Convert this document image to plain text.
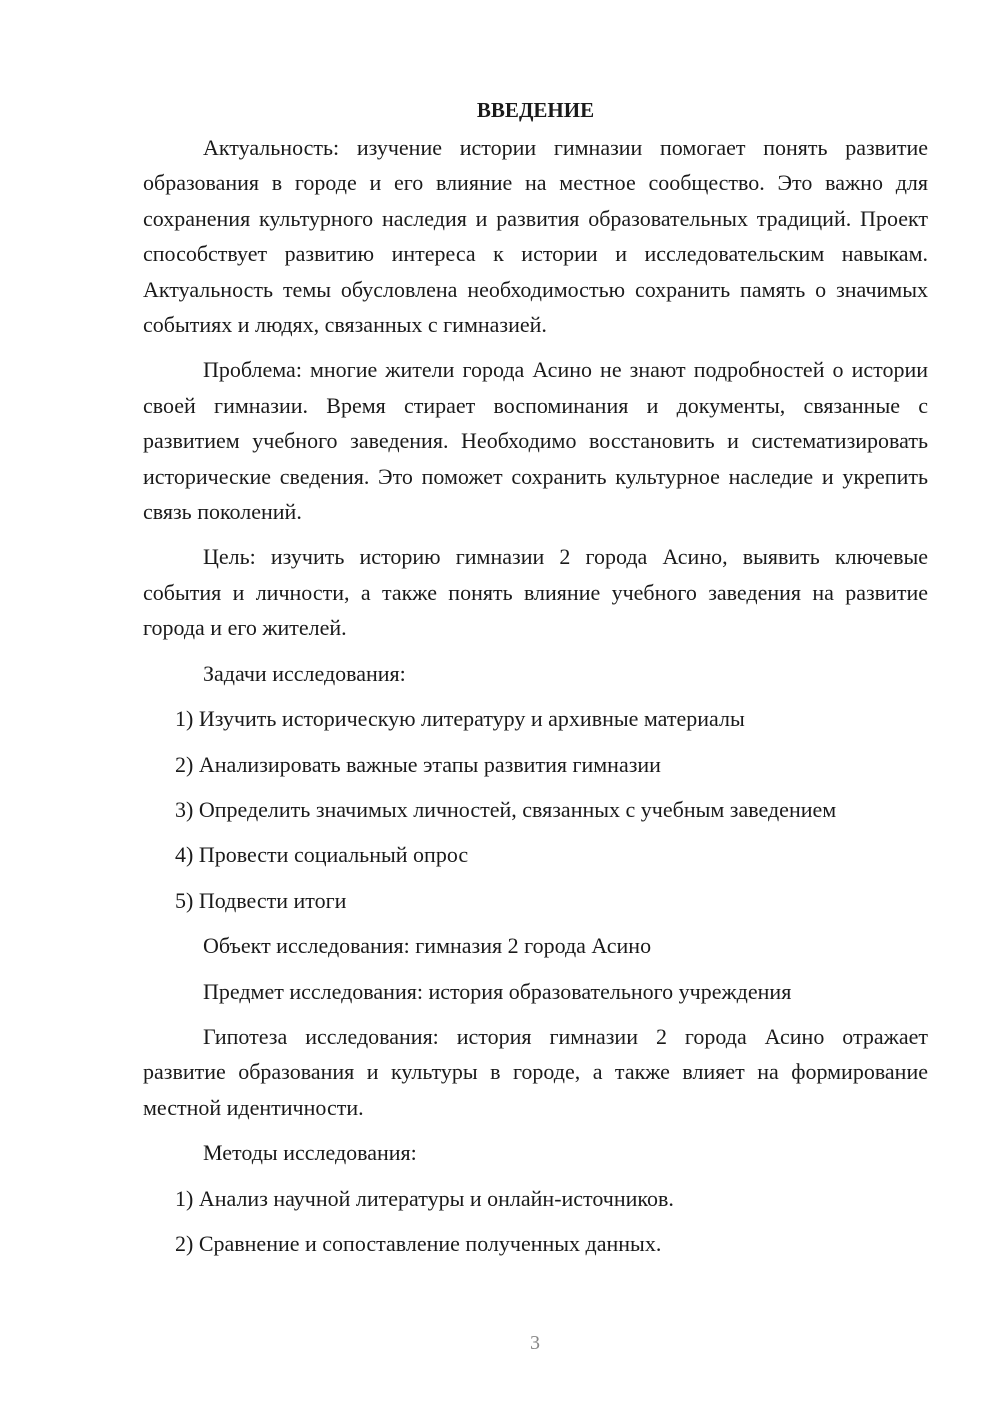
ВВЕДЕНИЕ

Актуальность: изучение истории гимназии помогает понять развитие образования в городе и его влияние на местное сообщество. Это важно для сохранения культурного наследия и развития образовательных традиций. Проект способствует развитию интереса к истории и исследовательским навыкам. Актуальность темы обусловлена необходимостью сохранить память о значимых событиях и людях, связанных с гимназией.

Проблема: многие жители города Асино не знают подробностей о истории своей гимназии. Время стирает воспоминания и документы, связанные с развитием учебного заведения. Необходимо восстановить и систематизировать исторические сведения. Это поможет сохранить культурное наследие и укрепить связь поколений.

Цель: изучить историю гимназии 2 города Асино, выявить ключевые события и личности, а также понять влияние учебного заведения на развитие города и его жителей.

Задачи исследования:

1) Изучить историческую литературу и архивные материалы
2) Анализировать важные этапы развития гимназии
3) Определить значимых личностей, связанных с учебным заведением
4) Провести социальный опрос
5) Подвести итоги

Объект исследования: гимназия 2 города Асино

Предмет исследования: история образовательного учреждения

Гипотеза исследования: история гимназии 2 города Асино отражает развитие образования и культуры в городе, а также влияет на формирование местной идентичности.

Методы исследования:

1) Анализ научной литературы и онлайн-источников.
2) Сравнение и сопоставление полученных данных.
3
